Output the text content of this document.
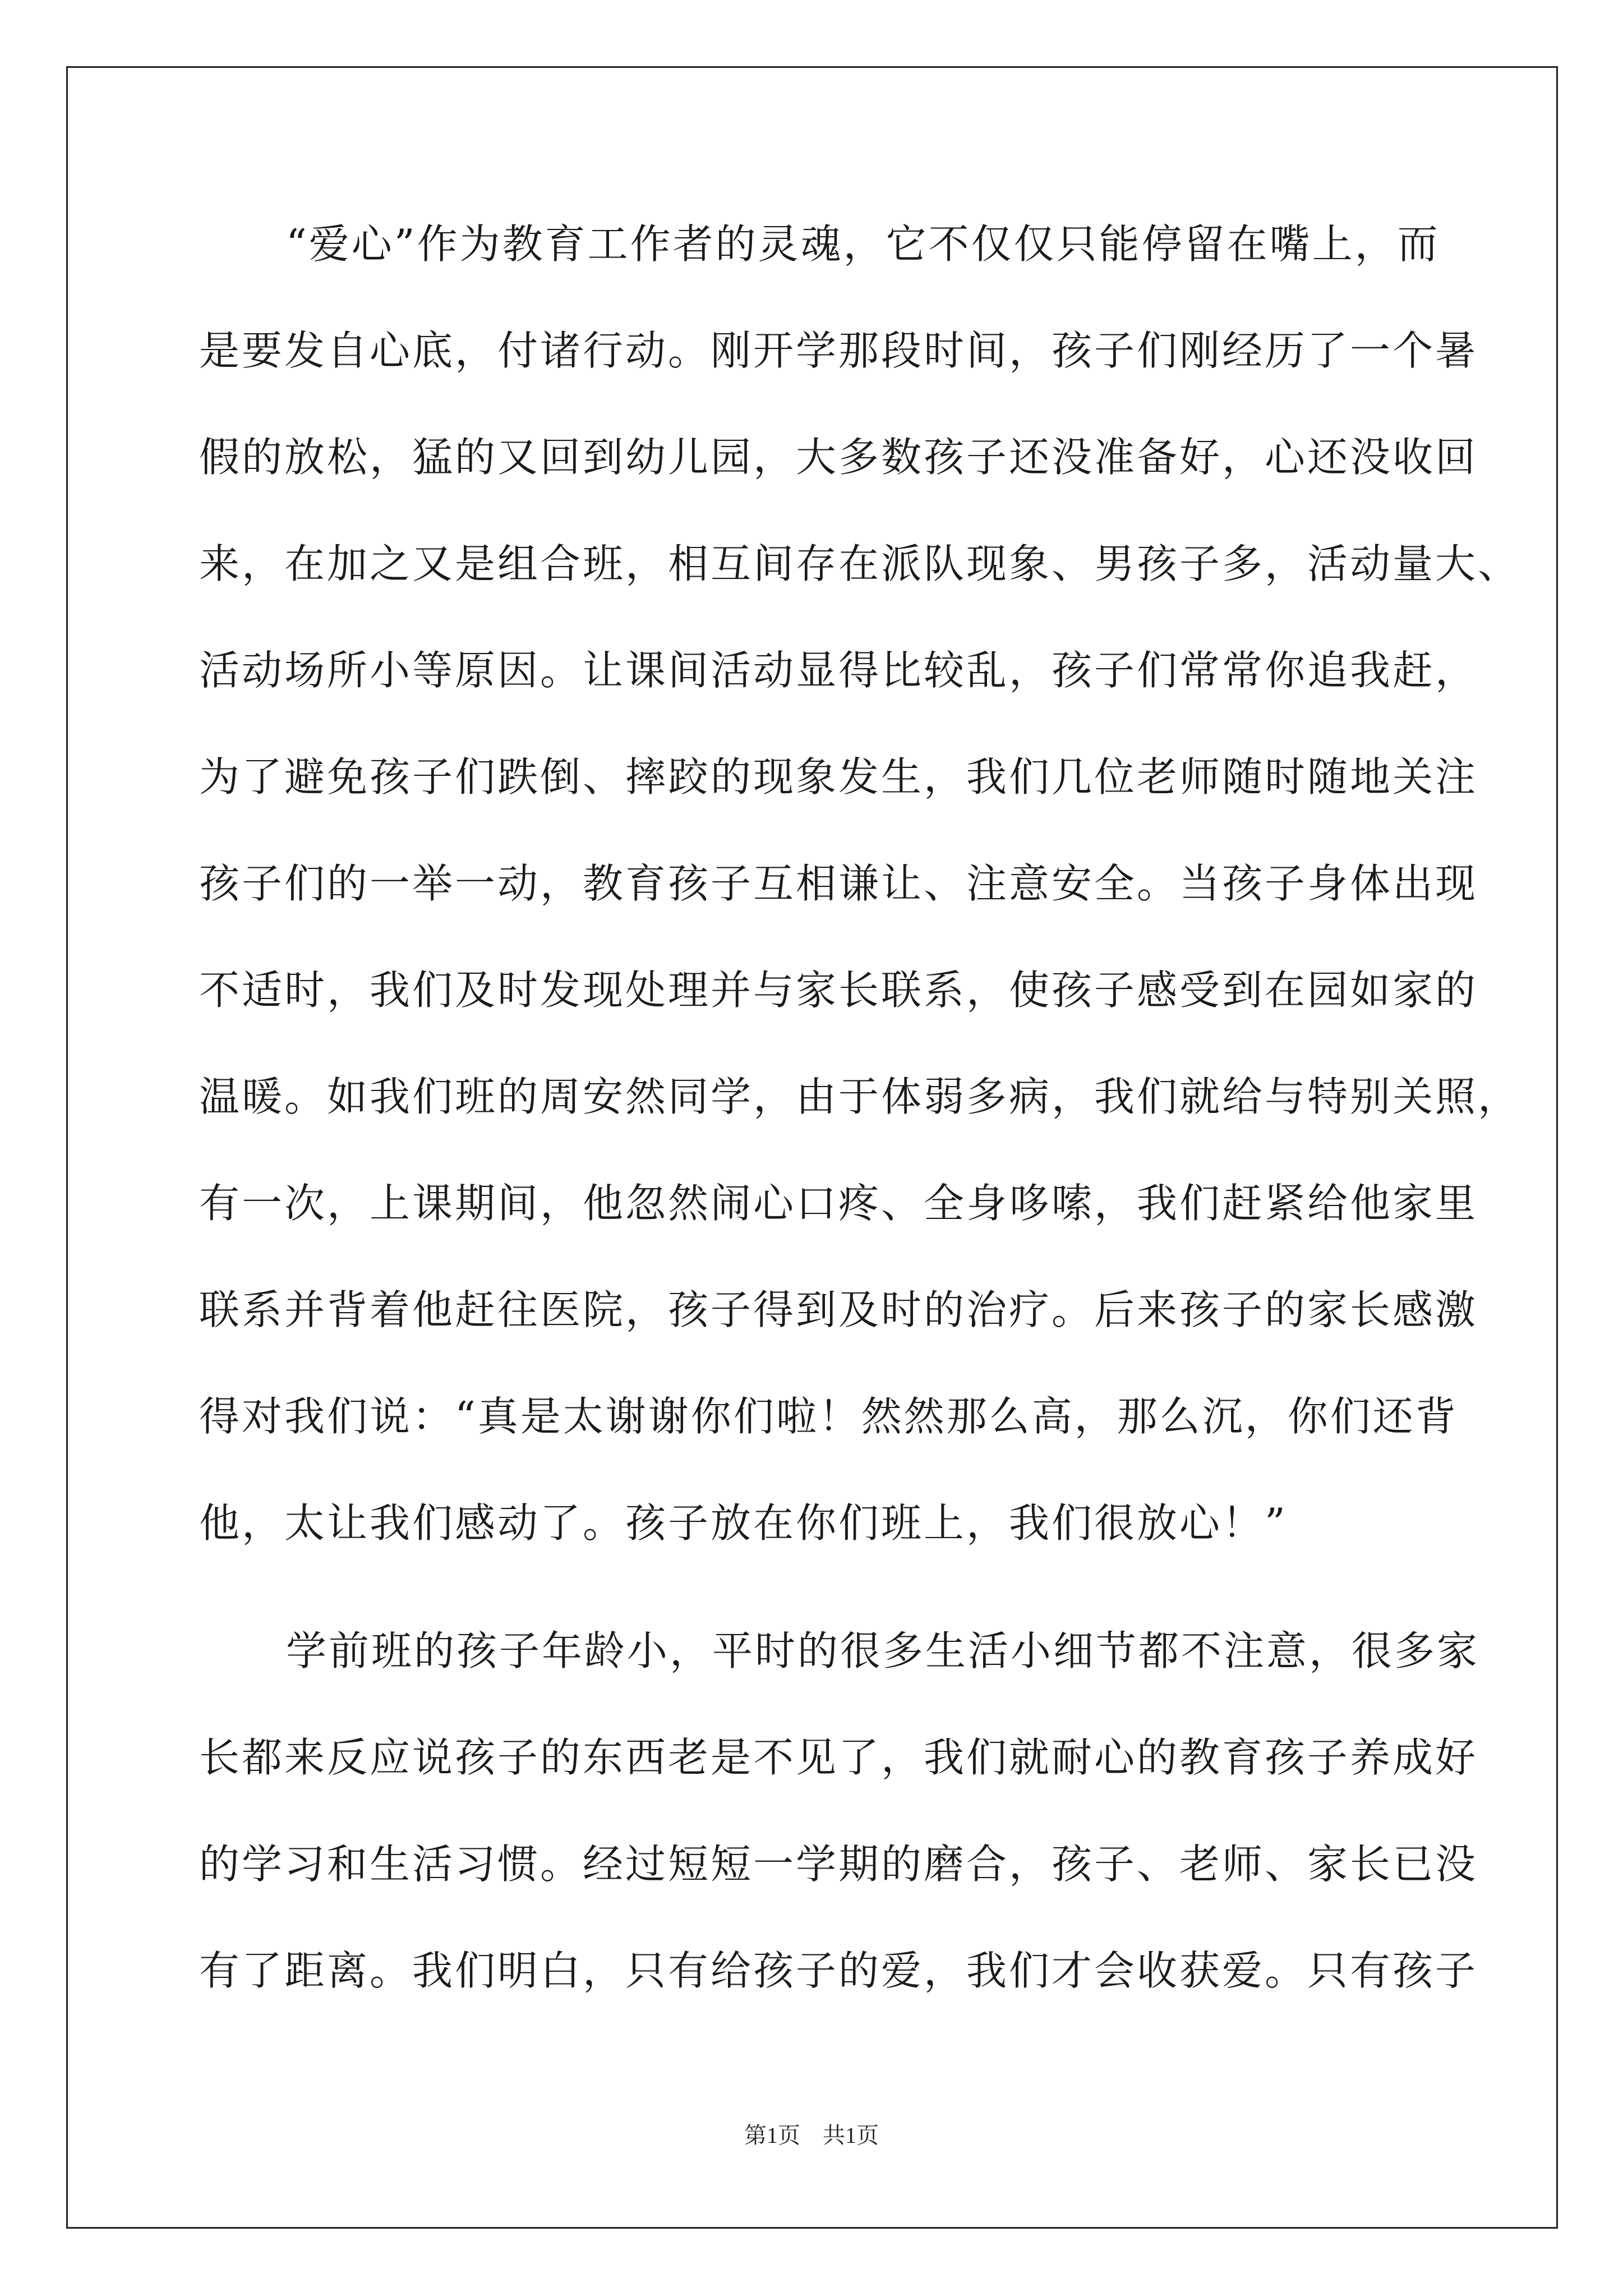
“爱心”作为教育工作者的灵魂，它不仅仅只能停留在嘴上，而
是要发自心底，付诸行动。刚开学那段时间，孩子们刚经历了一个暑
假的放松，猛的又回到幼儿园，大多数孩子还没准备好，心还没收回
来，在加之又是组合班，相互间存在派队现象、男孩子多，活动量大、
活动场所小等原因。让课间活动显得比较乱，孩子们常常你追我赶，
为了避免孩子们跌倒、摔跤的现象发生，我们几位老师随时随地关注
孩子们的一举一动，教育孩子互相谦让、注意安全。当孩子身体出现
不适时，我们及时发现处理并与家长联系，使孩子感受到在园如家的
温暖。如我们班的周安然同学，由于体弱多病，我们就给与特别关照，
有一次，上课期间，他忽然闹心口疼、全身哆嗦，我们赶紧给他家里
联系并背着他赶往医院，孩子得到及时的治疗。后来孩子的家长感激
得对我们说：“真是太谢谢你们啦！然然那么高，那么沉，你们还背
他，太让我们感动了。孩子放在你们班上，我们很放心！”
学前班的孩子年龄小，平时的很多生活小细节都不注意，很多家
长都来反应说孩子的东西老是不见了，我们就耐心的教育孩子养成好
的学习和生活习惯。经过短短一学期的磨合，孩子、老师、家长已没
有了距离。我们明白，只有给孩子的爱，我们才会收获爱。只有孩子
第1页　共1页
